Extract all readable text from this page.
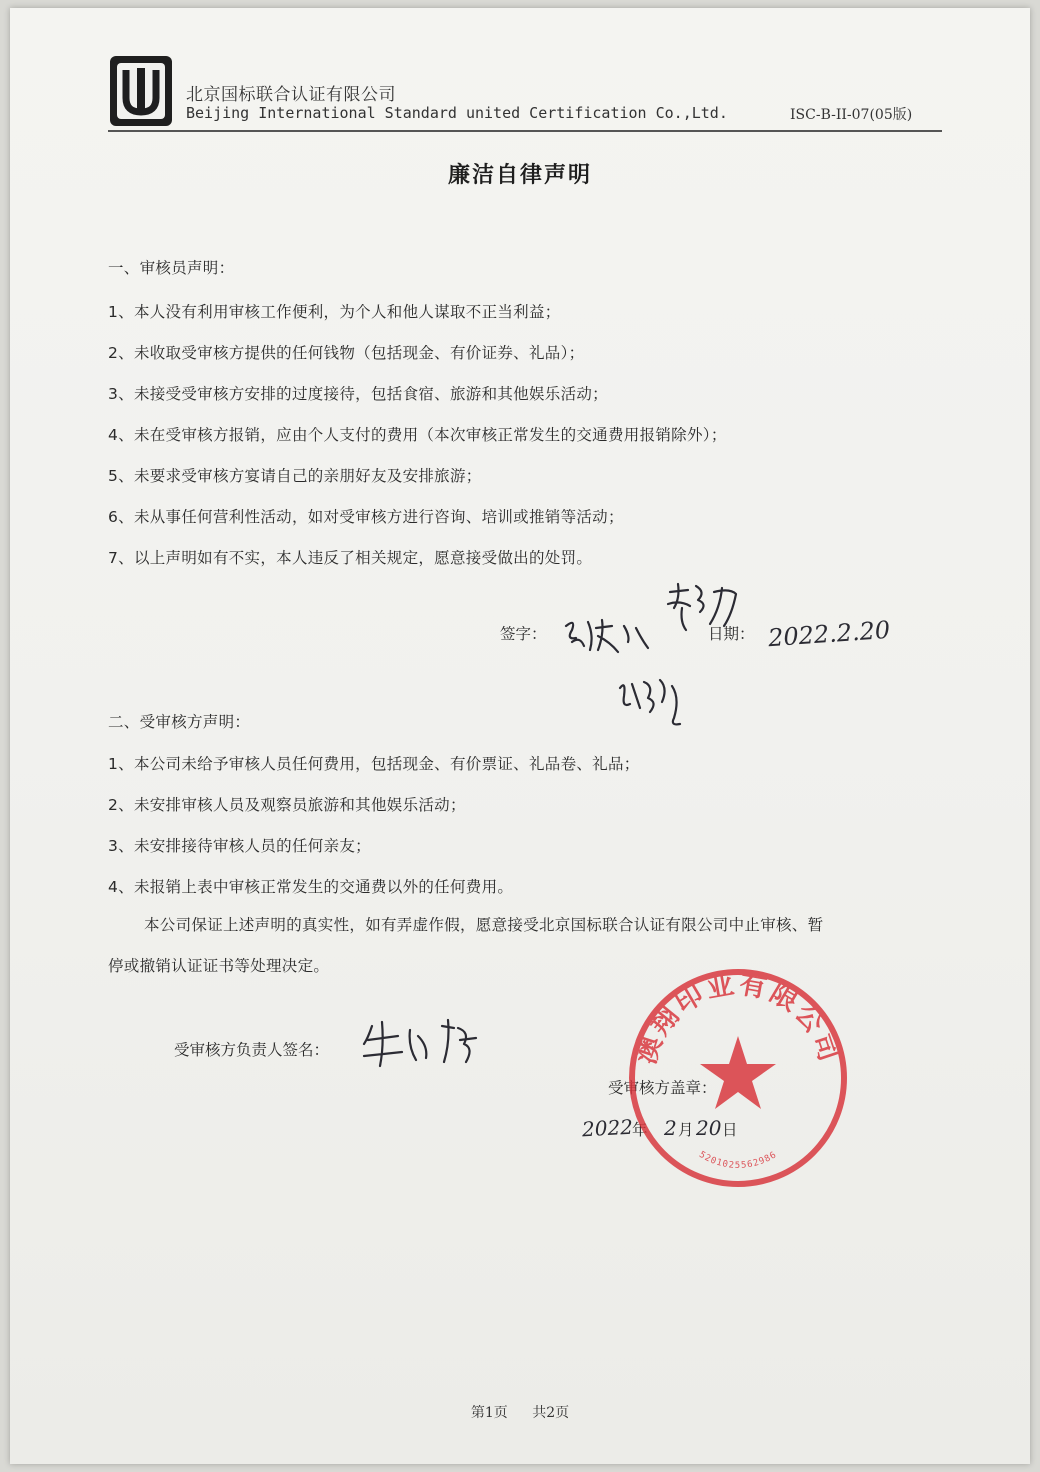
北京国标联合认证有限公司
Beijing International Standard united Certification Co.,Ltd.	ISC-B-II-07(05版)
廉洁自律声明
一、审核员声明：
1、本人没有利用审核工作便利，为个人和他人谋取不正当利益；
2、未收取受审核方提供的任何钱物（包括现金、有价证券、礼品）；
3、未接受受审核方安排的过度接待，包括食宿、旅游和其他娱乐活动；
4、未在受审核方报销，应由个人支付的费用（本次审核正常发生的交通费用报销除外）；
5、未要求受审核方宴请自己的亲朋好友及安排旅游；
6、未从事任何营利性活动，如对受审核方进行咨询、培训或推销等活动；
7、以上声明如有不实，本人违反了相关规定，愿意接受做出的处罚。
签字：	日期： 2022.2.20
二、受审核方声明：
1、本公司未给予审核人员任何费用，包括现金、有价票证、礼品卷、礼品；
2、未安排审核人员及观察员旅游和其他娱乐活动；
3、未安排接待审核人员的任何亲友；
4、未报销上表中审核正常发生的交通费以外的任何费用。
本公司保证上述声明的真实性，如有弄虚作假，愿意接受北京国标联合认证有限公司中止审核、暂
停或撤销认证证书等处理决定。
受审核方负责人签名：
受审核方盖章：
2022
年 2 月 20 日
澳翔印业有限公司
5201025562986
第1页 共2页
